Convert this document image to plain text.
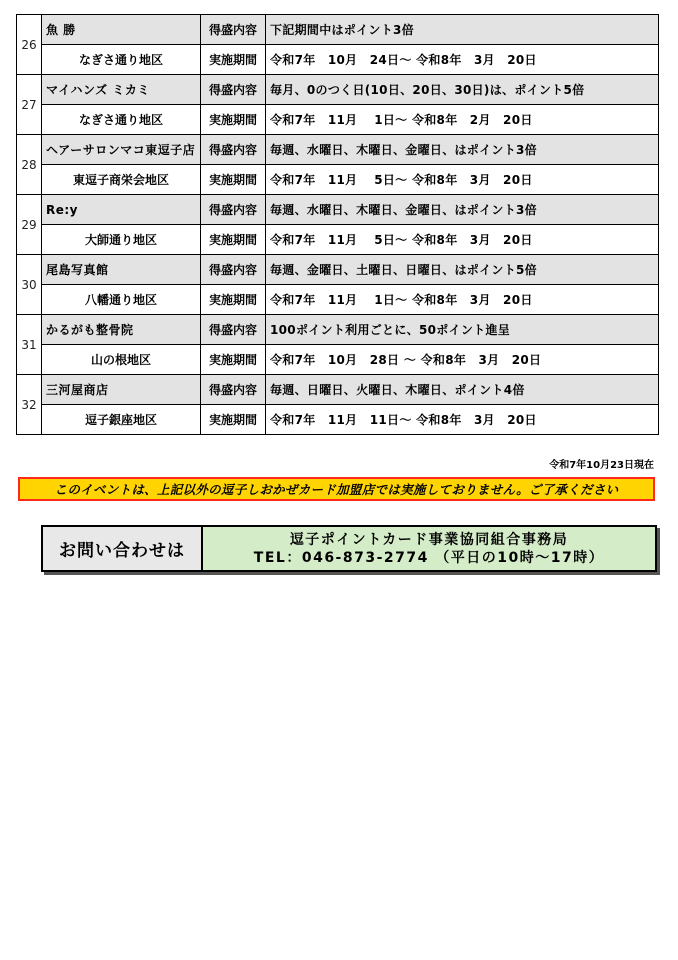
26	魚 勝	得盛内容	下記期間中はポイント3倍
	なぎさ通り地区	実施期間	令和7年　10月　24日～ 令和8年　3月　20日
27	マイハンズ ミカミ	得盛内容	毎月、0のつく日(10日、20日、30日)は、ポイント5倍
	なぎさ通り地区	実施期間	令和7年　11月　 1日～ 令和8年　2月　20日
28	ヘアーサロンマコ東逗子店	得盛内容	毎週、水曜日、木曜日、金曜日、はポイント3倍
	東逗子商栄会地区	実施期間	令和7年　11月　 5日～ 令和8年　3月　20日
29	Re:y	得盛内容	毎週、水曜日、木曜日、金曜日、はポイント3倍
	大師通り地区	実施期間	令和7年　11月　 5日～ 令和8年　3月　20日
30	尾島写真館	得盛内容	毎週、金曜日、土曜日、日曜日、はポイント5倍
	八幡通り地区	実施期間	令和7年　11月　 1日～ 令和8年　3月　20日
31	かるがも整骨院	得盛内容	100ポイント利用ごとに、50ポイント進呈
	山の根地区	実施期間	令和7年　10月　28日 ～ 令和8年　3月　20日
32	三河屋商店	得盛内容	毎週、日曜日、火曜日、木曜日、ポイント4倍
	逗子銀座地区	実施期間	令和7年　11月　11日～ 令和8年　3月　20日
令和7年10月23日現在
このイベントは、上記以外の逗子しおかぜカード加盟店では実施しておりません。ご了承ください
お問い合わせは
逗子ポイントカード事業協同組合事務局
TEL：046-873-2774 （平日の10時～17時）
